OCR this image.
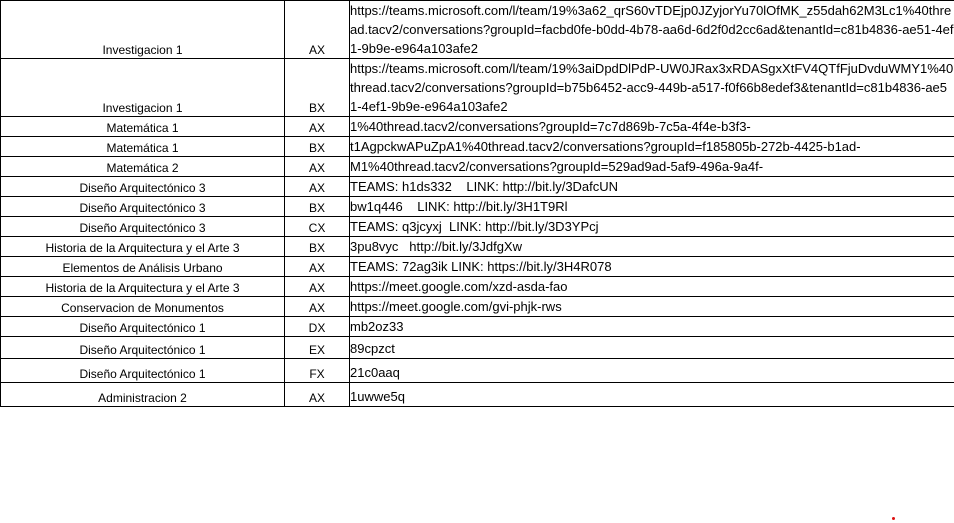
Investigacion 1	AX	https://teams.microsoft.com/l/team/19%3a62_qrS60vTDEjp0JZyjorYu70lOfMK_z55dah62M3Lc1%40thread.tacv2/conversations?groupId=facbd0fe-b0dd-4b78-aa6d-6d2f0d2cc6ad&tenantId=c81b4836-ae51-4ef1-9b9e-e964a103afe2
Investigacion 1	BX	https://teams.microsoft.com/l/team/19%3aiDpdDlPdP-UW0JRax3xRDASgxXtFV4QTfFjuDvduWMY1%40thread.tacv2/conversations?groupId=b75b6452-acc9-449b-a517-f0f66b8edef3&tenantId=c81b4836-ae51-4ef1-9b9e-e964a103afe2
Matemática 1	AX	1%40thread.tacv2/conversations?groupId=7c7d869b-7c5a-4f4e-b3f3-
Matemática 1	BX	t1AgpckwAPuZpA1%40thread.tacv2/conversations?groupId=f185805b-272b-4425-b1ad-
Matemática 2	AX	M1%40thread.tacv2/conversations?groupId=529ad9ad-5af9-496a-9a4f-
Diseño Arquitectónico 3	AX	TEAMS: h1ds332    LINK: http://bit.ly/3DafcUN
Diseño Arquitectónico 3	BX	bw1q446    LINK: http://bit.ly/3H1T9Rl
Diseño Arquitectónico 3	CX	TEAMS: q3jcyxj  LINK: http://bit.ly/3D3YPcj
Historia de la Arquitectura y el Arte 3	BX	3pu8vyc   http://bit.ly/3JdfgXw
Elementos de Análisis Urbano	AX	TEAMS: 72ag3ik LINK: https://bit.ly/3H4R078
Historia de la Arquitectura y el Arte 3	AX	https://meet.google.com/xzd-asda-fao
Conservacion de Monumentos	AX	https://meet.google.com/gvi-phjk-rws
Diseño Arquitectónico 1	DX	mb2oz33
Diseño Arquitectónico 1	EX	89cpzct
Diseño Arquitectónico 1	FX	21c0aaq
Administracion 2	AX	1uwwe5q
